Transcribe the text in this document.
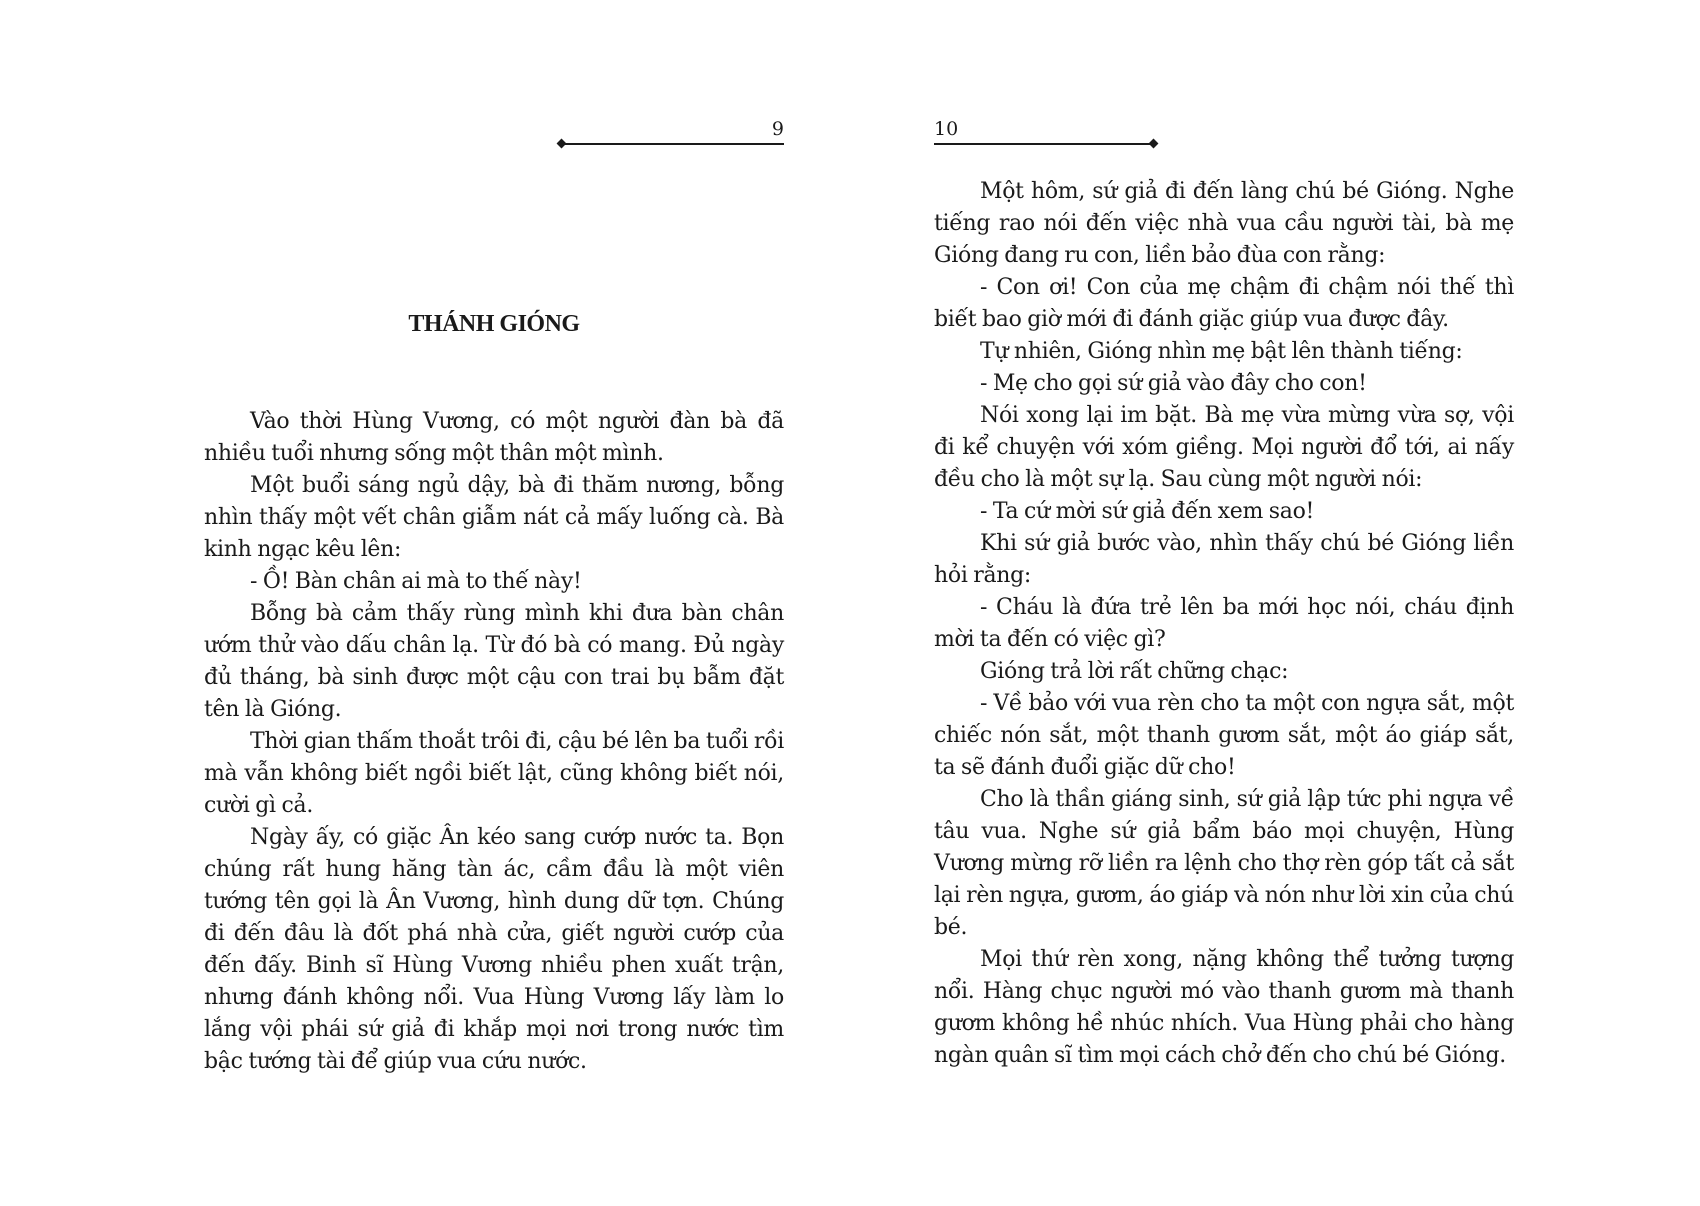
9
THÁNH GIÓNG

Vào thời Hùng Vương, có một người đàn bà đã nhiều tuổi nhưng sống một thân một mình.

Một buổi sáng ngủ dậy, bà đi thăm nương, bỗng nhìn thấy một vết chân giẫm nát cả mấy luống cà. Bà kinh ngạc kêu lên:

- Ồ! Bàn chân ai mà to thế này!

Bỗng bà cảm thấy rùng mình khi đưa bàn chân ướm thử vào dấu chân lạ. Từ đó bà có mang. Đủ ngày đủ tháng, bà sinh được một cậu con trai bụ bẫm đặt tên là Gióng.

Thời gian thấm thoắt trôi đi, cậu bé lên ba tuổi rồi mà vẫn không biết ngồi biết lật, cũng không biết nói, cười gì cả.

Ngày ấy, có giặc Ân kéo sang cướp nước ta. Bọn chúng rất hung hăng tàn ác, cầm đầu là một viên tướng tên gọi là Ân Vương, hình dung dữ tợn. Chúng đi đến đâu là đốt phá nhà cửa, giết người cướp của đến đấy. Binh sĩ Hùng Vương nhiều phen xuất trận, nhưng đánh không nổi. Vua Hùng Vương lấy làm lo lắng vội phái sứ giả đi khắp mọi nơi trong nước tìm bậc tướng tài để giúp vua cứu nước.

10

Một hôm, sứ giả đi đến làng chú bé Gióng. Nghe tiếng rao nói đến việc nhà vua cầu người tài, bà mẹ Gióng đang ru con, liền bảo đùa con rằng:

- Con ơi! Con của mẹ chậm đi chậm nói thế thì biết bao giờ mới đi đánh giặc giúp vua được đây.

Tự nhiên, Gióng nhìn mẹ bật lên thành tiếng:

- Mẹ cho gọi sứ giả vào đây cho con!

Nói xong lại im bặt. Bà mẹ vừa mừng vừa sợ, vội đi kể chuyện với xóm giềng. Mọi người đổ tới, ai nấy đều cho là một sự lạ. Sau cùng một người nói:

- Ta cứ mời sứ giả đến xem sao!

Khi sứ giả bước vào, nhìn thấy chú bé Gióng liền hỏi rằng:

- Cháu là đứa trẻ lên ba mới học nói, cháu định mời ta đến có việc gì?

Gióng trả lời rất chững chạc:

- Về bảo với vua rèn cho ta một con ngựa sắt, một chiếc nón sắt, một thanh gươm sắt, một áo giáp sắt, ta sẽ đánh đuổi giặc dữ cho!

Cho là thần giáng sinh, sứ giả lập tức phi ngựa về tâu vua. Nghe sứ giả bẩm báo mọi chuyện, Hùng Vương mừng rỡ liền ra lệnh cho thợ rèn góp tất cả sắt lại rèn ngựa, gươm, áo giáp và nón như lời xin của chú bé.

Mọi thứ rèn xong, nặng không thể tưởng tượng nổi. Hàng chục người mó vào thanh gươm mà thanh gươm không hề nhúc nhích. Vua Hùng phải cho hàng ngàn quân sĩ tìm mọi cách chở đến cho chú bé Gióng.
